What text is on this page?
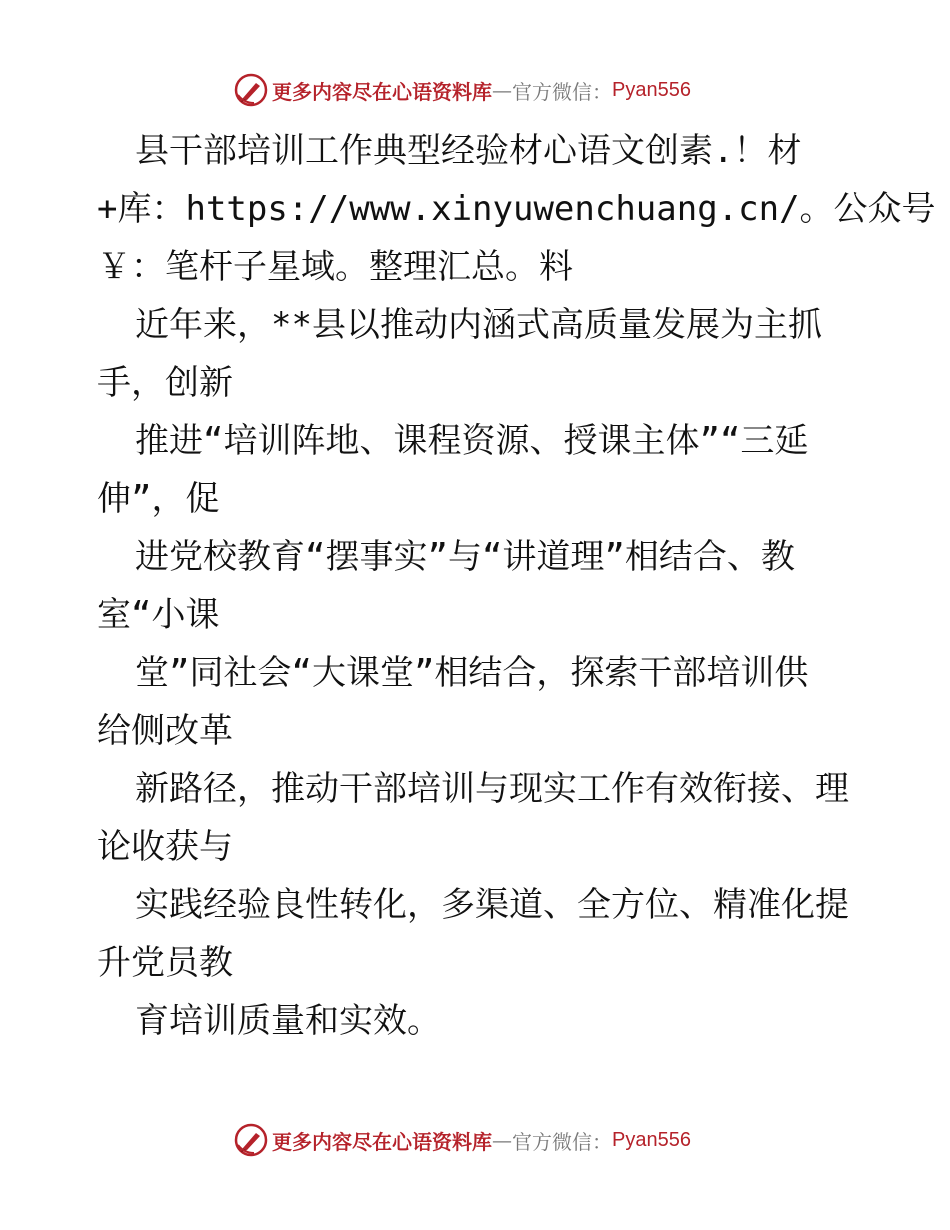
更多内容尽在心语资料库 — 官方微信： Pyan556
县干部培训工作典型经验材心语文创素.！材
+库：https://www.xinyuwenchuang.cn/。公众号
￥：笔杆子星域。整理汇总。料
近年来，**县以推动内涵式高质量发展为主抓
手，创新
推进“培训阵地、课程资源、授课主体”“三延
伸”，促
进党校教育“摆事实”与“讲道理”相结合、教
室“小课
堂”同社会“大课堂”相结合，探索干部培训供
给侧改革
新路径，推动干部培训与现实工作有效衔接、理
论收获与
实践经验良性转化，多渠道、全方位、精准化提
升党员教
育培训质量和实效。
更多内容尽在心语资料库 — 官方微信： Pyan556
